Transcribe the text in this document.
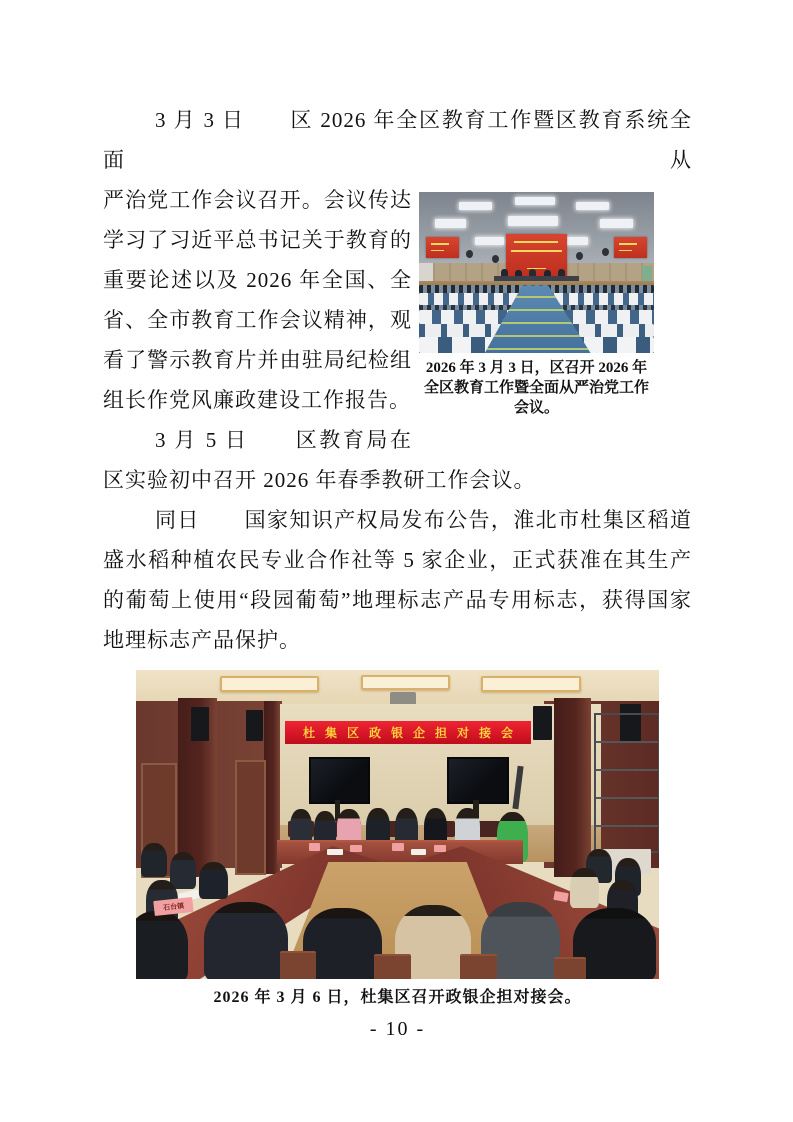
3 月 3 日　　区 2026 年全区教育工作暨区教育系统全面从
2026 年 3 月 3 日，区召开 2026 年全区教育工作暨全面从严治党工作会议。
严治党工作会议召开。会议传达学习了习近平总书记关于教育的重要论述以及 2026 年全国、全省、全市教育工作会议精神，观看了警示教育片并由驻局纪检组组长作党风廉政建设工作报告。

3 月 5 日　　区教育局在区实验初中召开 2026 年春季教研工作会议。

同日　　国家知识产权局发布公告，淮北市杜集区稻道盛水稻种植农民专业合作社等 5 家企业，正式获准在其生产的葡萄上使用“段园葡萄”地理标志产品专用标志，获得国家地理标志产品保护。

杜集区政银企担对接会
石台镇
2026 年 3 月 6 日，杜集区召开政银企担对接会。
- 10 -
